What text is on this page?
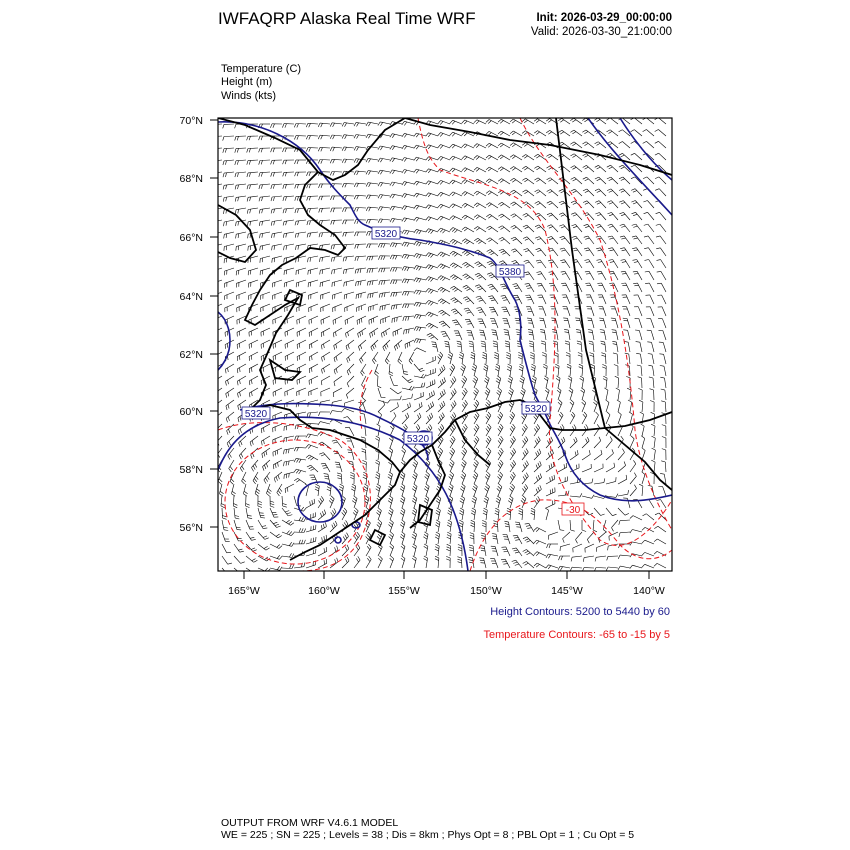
IWFAQRP Alaska Real Time WRF	Init: 2026-03-29_00:00:00
Valid: 2026-03-30_21:00:00
Temperature (C)
Height (m)
Winds (kts)
70°N
68°N
66°N
64°N
62°N
60°N
58°N
56°N
165°W	160°W	155°W	150°W	145°W	140°W
5320
5380
5320
5320
5320
-30
Height Contours: 5200 to 5440 by 60
Temperature Contours: -65 to -15 by 5
OUTPUT FROM WRF V4.6.1 MODEL
WE = 225 ; SN = 225 ; Levels = 38 ; Dis = 8km ; Phys Opt = 8 ; PBL Opt = 1 ; Cu Opt = 5
